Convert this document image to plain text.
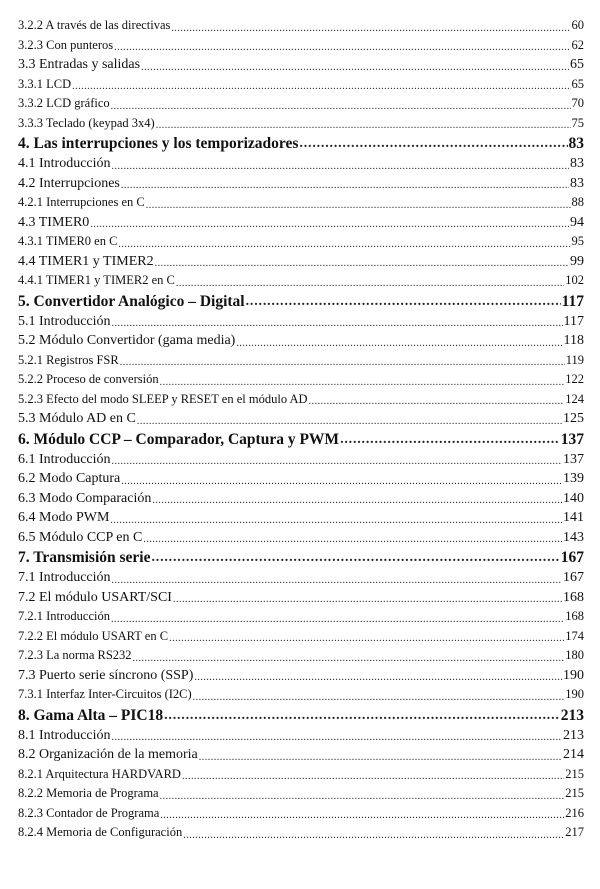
3.2.2 A través de las directivas .....	60
3.2.3 Con punteros .....	62
3.3 Entradas y salidas .....	65
3.3.1 LCD .....	65
3.3.2 LCD gráfico .....	70
3.3.3 Teclado (keypad 3x4) .....	75
4. Las interrupciones y los temporizadores .....	83
4.1 Introducción .....	83
4.2 Interrupciones .....	83
4.2.1 Interrupciones en C .....	88
4.3 TIMER0 .....	94
4.3.1 TIMER0 en C .....	95
4.4 TIMER1 y TIMER2 .....	99
4.4.1 TIMER1 y TIMER2 en C .....	102
5. Convertidor Analógico – Digital .....	117
5.1 Introducción .....	117
5.2 Módulo Convertidor (gama media) .....	118
5.2.1 Registros FSR .....	119
5.2.2 Proceso de conversión .....	122
5.2.3 Efecto del modo SLEEP y RESET en el módulo AD .....	124
5.3 Módulo AD en C .....	125
6. Módulo CCP – Comparador, Captura y PWM .....	137
6.1 Introducción .....	137
6.2 Modo Captura .....	139
6.3 Modo Comparación .....	140
6.4 Modo PWM .....	141
6.5 Módulo CCP en C .....	143
7. Transmisión serie .....	167
7.1 Introducción .....	167
7.2 El módulo USART/SCI .....	168
7.2.1 Introducción .....	168
7.2.2 El módulo USART en C .....	174
7.2.3 La norma RS232 .....	180
7.3 Puerto serie síncrono (SSP) .....	190
7.3.1 Interfaz Inter-Circuitos (I2C) .....	190
8. Gama Alta – PIC18 .....	213
8.1 Introducción .....	213
8.2 Organización de la memoria .....	214
8.2.1 Arquitectura HARDVARD .....	215
8.2.2 Memoria de Programa .....	215
8.2.3 Contador de Programa .....	216
8.2.4 Memoria de Configuración .....	217
